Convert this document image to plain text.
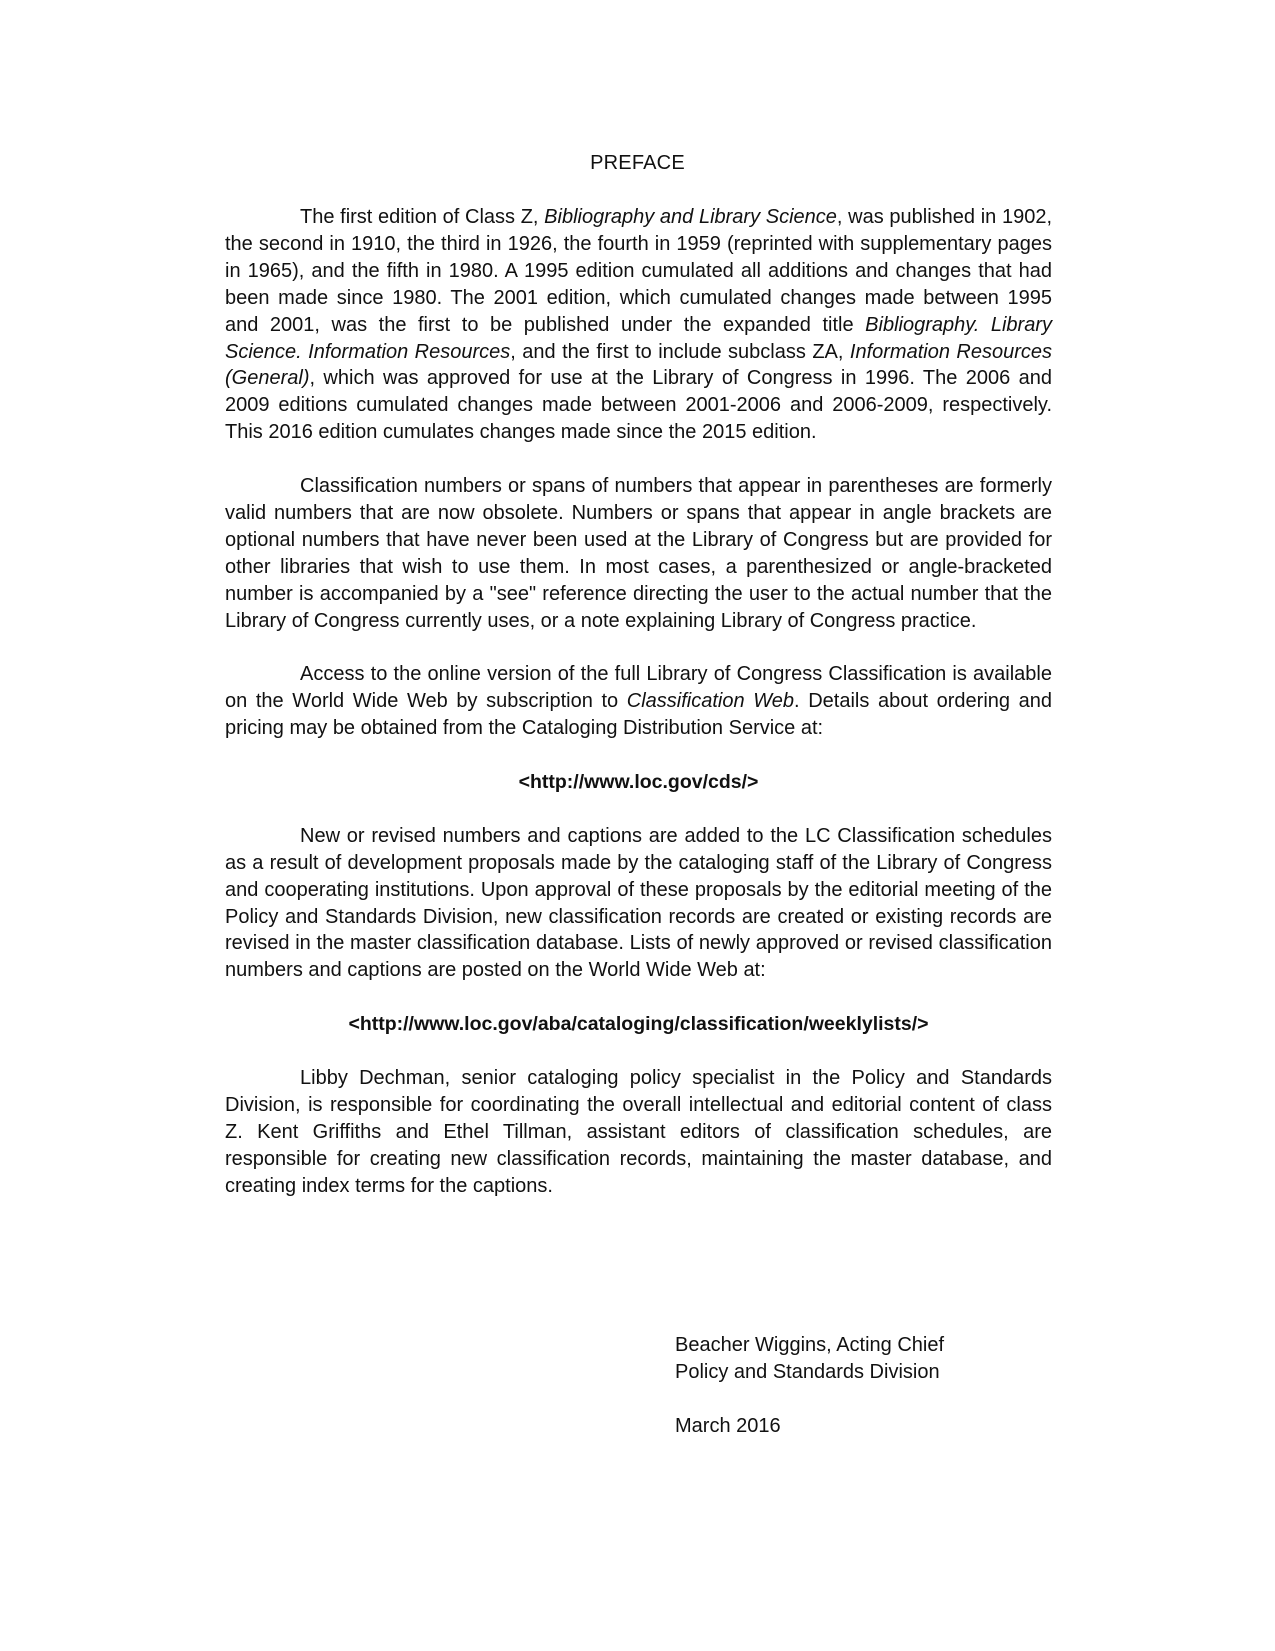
PREFACE

The first edition of Class Z, Bibliography and Library Science, was published in 1902, the second in 1910, the third in 1926, the fourth in 1959 (reprinted with supplementary pages in 1965), and the fifth in 1980. A 1995 edition cumulated all additions and changes that had been made since 1980. The 2001 edition, which cumulated changes made between 1995 and 2001, was the first to be published under the expanded title Bibliography. Library Science. Information Resources, and the first to include subclass ZA, Information Resources (General), which was approved for use at the Library of Congress in 1996. The 2006 and 2009 editions cumulated changes made between 2001-2006 and 2006-2009, respectively. This 2016 edition cumulates changes made since the 2015 edition.

Classification numbers or spans of numbers that appear in parentheses are formerly valid numbers that are now obsolete. Numbers or spans that appear in angle brackets are optional numbers that have never been used at the Library of Congress but are provided for other libraries that wish to use them. In most cases, a parenthesized or angle-bracketed number is accompanied by a "see" reference directing the user to the actual number that the Library of Congress currently uses, or a note explaining Library of Congress practice.

Access to the online version of the full Library of Congress Classification is available on the World Wide Web by subscription to Classification Web. Details about ordering and pricing may be obtained from the Cataloging Distribution Service at:

<http://www.loc.gov/cds/>

New or revised numbers and captions are added to the LC Classification schedules as a result of development proposals made by the cataloging staff of the Library of Congress and cooperating institutions. Upon approval of these proposals by the editorial meeting of the Policy and Standards Division, new classification records are created or existing records are revised in the master classification database. Lists of newly approved or revised classification numbers and captions are posted on the World Wide Web at:

<http://www.loc.gov/aba/cataloging/classification/weeklylists/>

Libby Dechman, senior cataloging policy specialist in the Policy and Standards Division, is responsible for coordinating the overall intellectual and editorial content of class Z. Kent Griffiths and Ethel Tillman, assistant editors of classification schedules, are responsible for creating new classification records, maintaining the master database, and creating index terms for the captions.

Beacher Wiggins, Acting Chief
Policy and Standards Division
March 2016
